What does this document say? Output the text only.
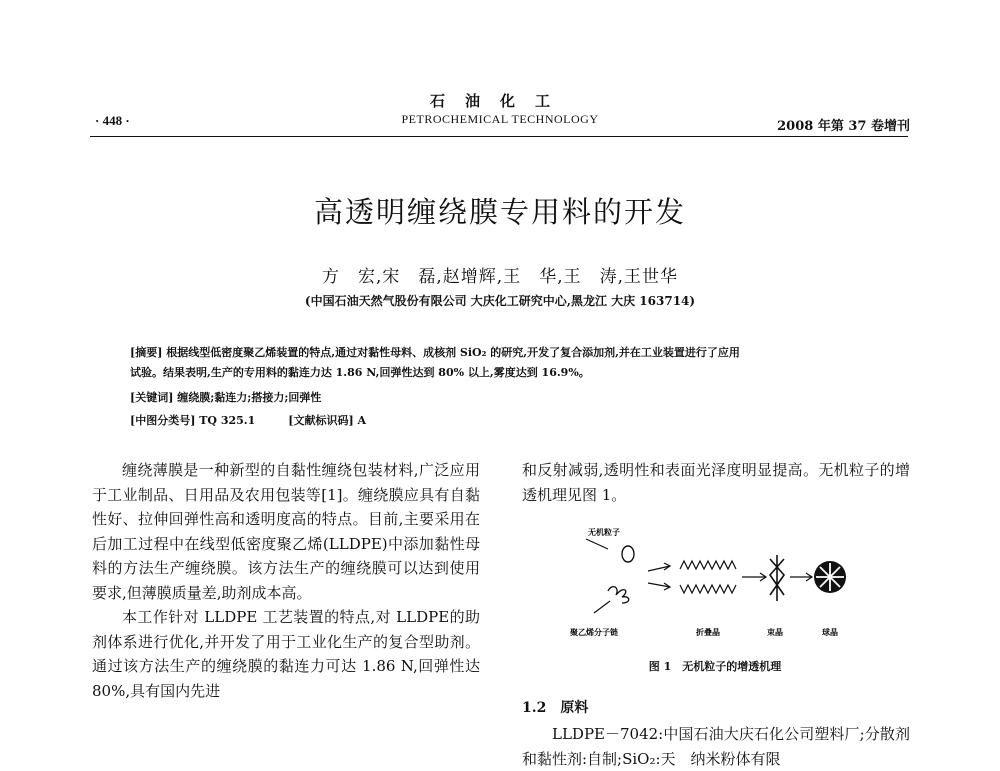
石油化工
PETROCHEMICAL TECHNOLOGY
· 448 ·	2008 年第 37 卷增刊
高透明缠绕膜专用料的开发
方　宏,宋　磊,赵增辉,王　华,王　涛,王世华
(中国石油天然气股份有限公司 大庆化工研究中心,黑龙江 大庆 163714)

[摘要] 根据线型低密度聚乙烯装置的特点,通过对黏性母料、成核剂 SiO₂ 的研究,开发了复合添加剂,并在工业装置进行了应用

试验。结果表明,生产的专用料的黏连力达 1.86 N,回弹性达到 80% 以上,雾度达到 16.9%。

[关键词] 缠绕膜;黏连力;搭接力;回弹性
[中图分类号] TQ 325.1　　　[文献标识码] A

缠绕薄膜是一种新型的自黏性缠绕包装材料,广泛应用于工业制品、日用品及农用包装等[1]。缠绕膜应具有自黏性好、拉伸回弹性高和透明度高的特点。目前,主要采用在后加工过程中在线型低密度聚乙烯(LLDPE)中添加黏性母料的方法生产缠绕膜。该方法生产的缠绕膜可以达到使用要求,但薄膜质量差,助剂成本高。

本工作针对 LLDPE 工艺装置的特点,对 LLDPE的助剂体系进行优化,并开发了用于工业化生产的复合型助剂。通过该方法生产的缠绕膜的黏连力可达 1.86 N,回弹性达 80%,具有国内先进

和反射减弱,透明性和表面光泽度明显提高。无机粒子的增透机理见图 1。

无机粒子
聚乙烯分子链	折叠晶	束晶	球晶
图 1　无机粒子的增透机理
1.2　原料

LLDPE－7042:中国石油大庆石化公司塑料厂;分散剂和黏性剂:自制;SiO₂:天　纳米粉体有限
